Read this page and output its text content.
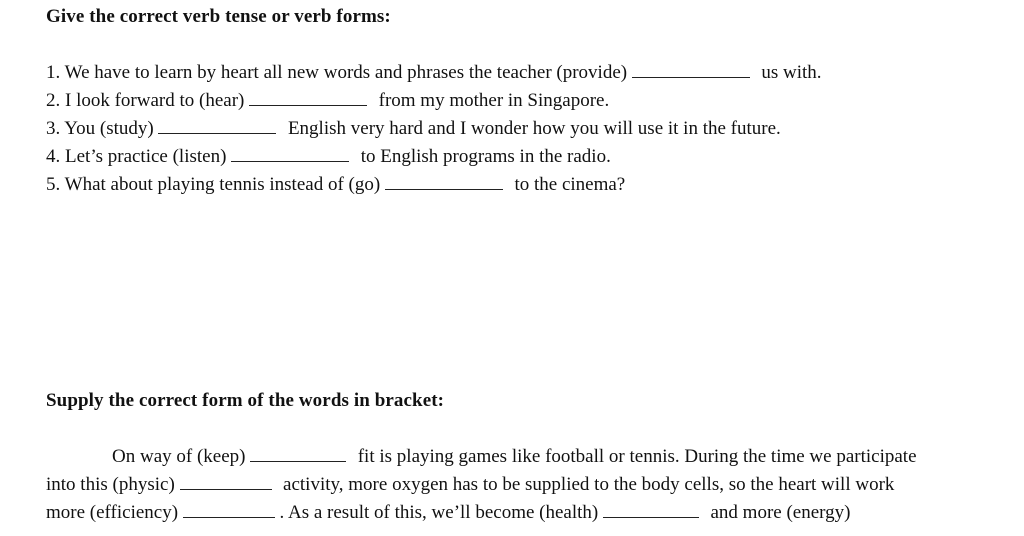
Give the correct verb tense or verb forms:
1. We have to learn by heart all new words and phrases the teacher (provide)	us with.
2. I look forward to (hear)	from my mother in Singapore.
3. You (study)	English very hard and I wonder how you will use it in the future.
4. Let’s practice (listen)	to English programs in the radio.
5. What about playing tennis instead of (go)	to the cinema?
Supply the correct form of the words in bracket:
On way of (keep)	fit is playing games like football or tennis. During the time we participate
into this (physic)	activity, more oxygen has to be supplied to the body cells, so the heart will work
more (efficiency)	. As a result of this, we’ll become (health)	and more (energy)
